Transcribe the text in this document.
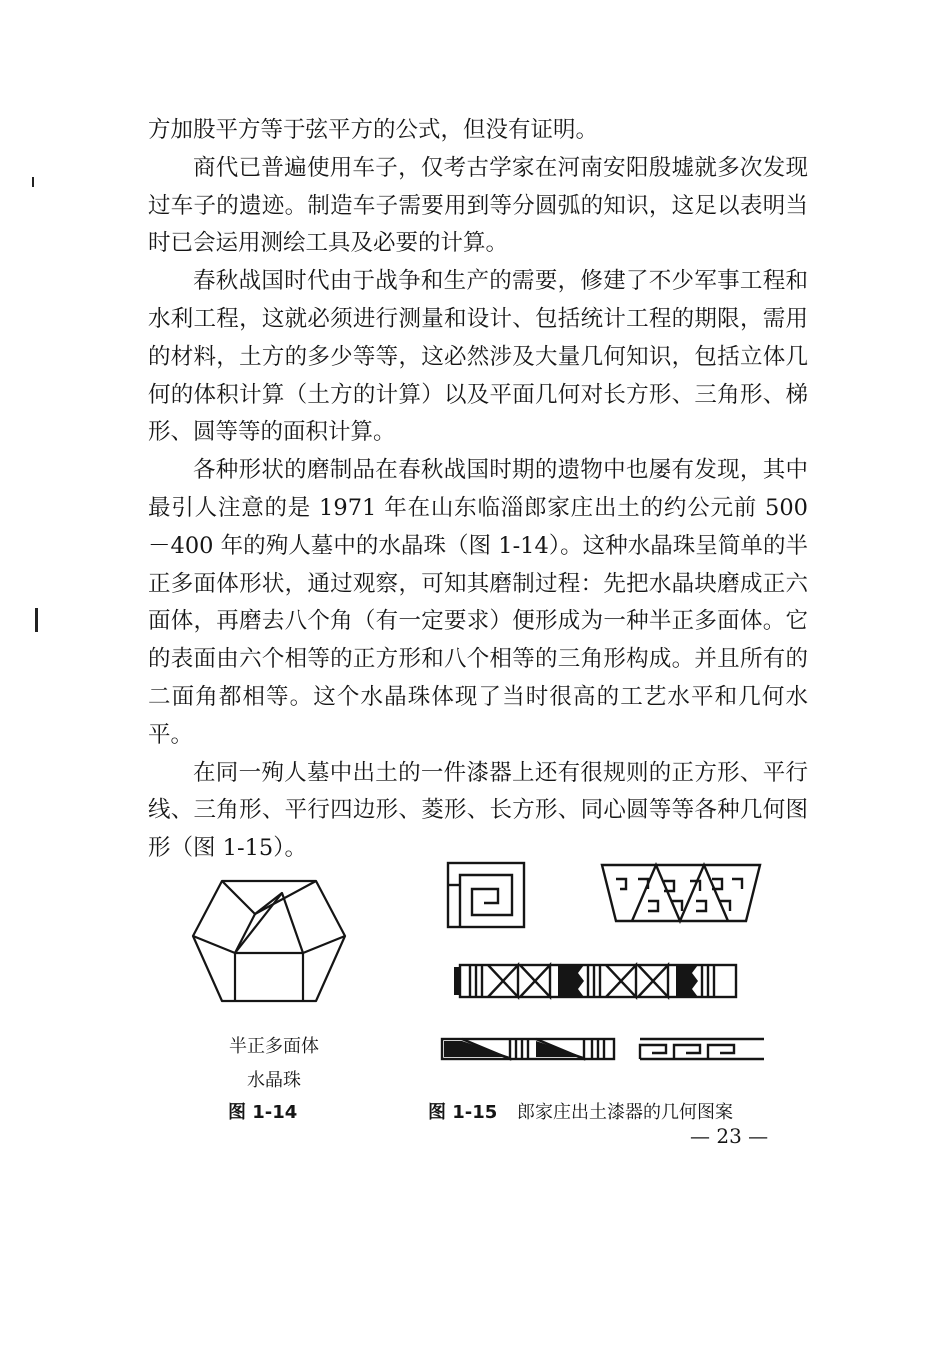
方加股平方等于弦平方的公式，但没有证明。

商代已普遍使用车子，仅考古学家在河南安阳殷墟就多次发现过车子的遗迹。制造车子需要用到等分圆弧的知识，这足以表明当时已会运用测绘工具及必要的计算。

春秋战国时代由于战争和生产的需要，修建了不少军事工程和水利工程，这就必须进行测量和设计、包括统计工程的期限，需用的材料，土方的多少等等，这必然涉及大量几何知识，包括立体几何的体积计算（土方的计算）以及平面几何对长方形、三角形、梯形、圆等等的面积计算。

各种形状的磨制品在春秋战国时期的遗物中也屡有发现，其中最引人注意的是 1971 年在山东临淄郎家庄出土的约公元前 500－400 年的殉人墓中的水晶珠（图 1-14）。这种水晶珠呈简单的半正多面体形状，通过观察，可知其磨制过程：先把水晶块磨成正六面体，再磨去八个角（有一定要求）便形成为一种半正多面体。它的表面由六个相等的正方形和八个相等的三角形构成。并且所有的二面角都相等。这个水晶珠体现了当时很高的工艺水平和几何水平。

在同一殉人墓中出土的一件漆器上还有很规则的正方形、平行线、三角形、平行四边形、菱形、长方形、同心圆等等各种几何图形（图 1-15）。

半正多面体
水晶珠
图 1-14	图 1-15 郎家庄出土漆器的几何图案
— 23 —
